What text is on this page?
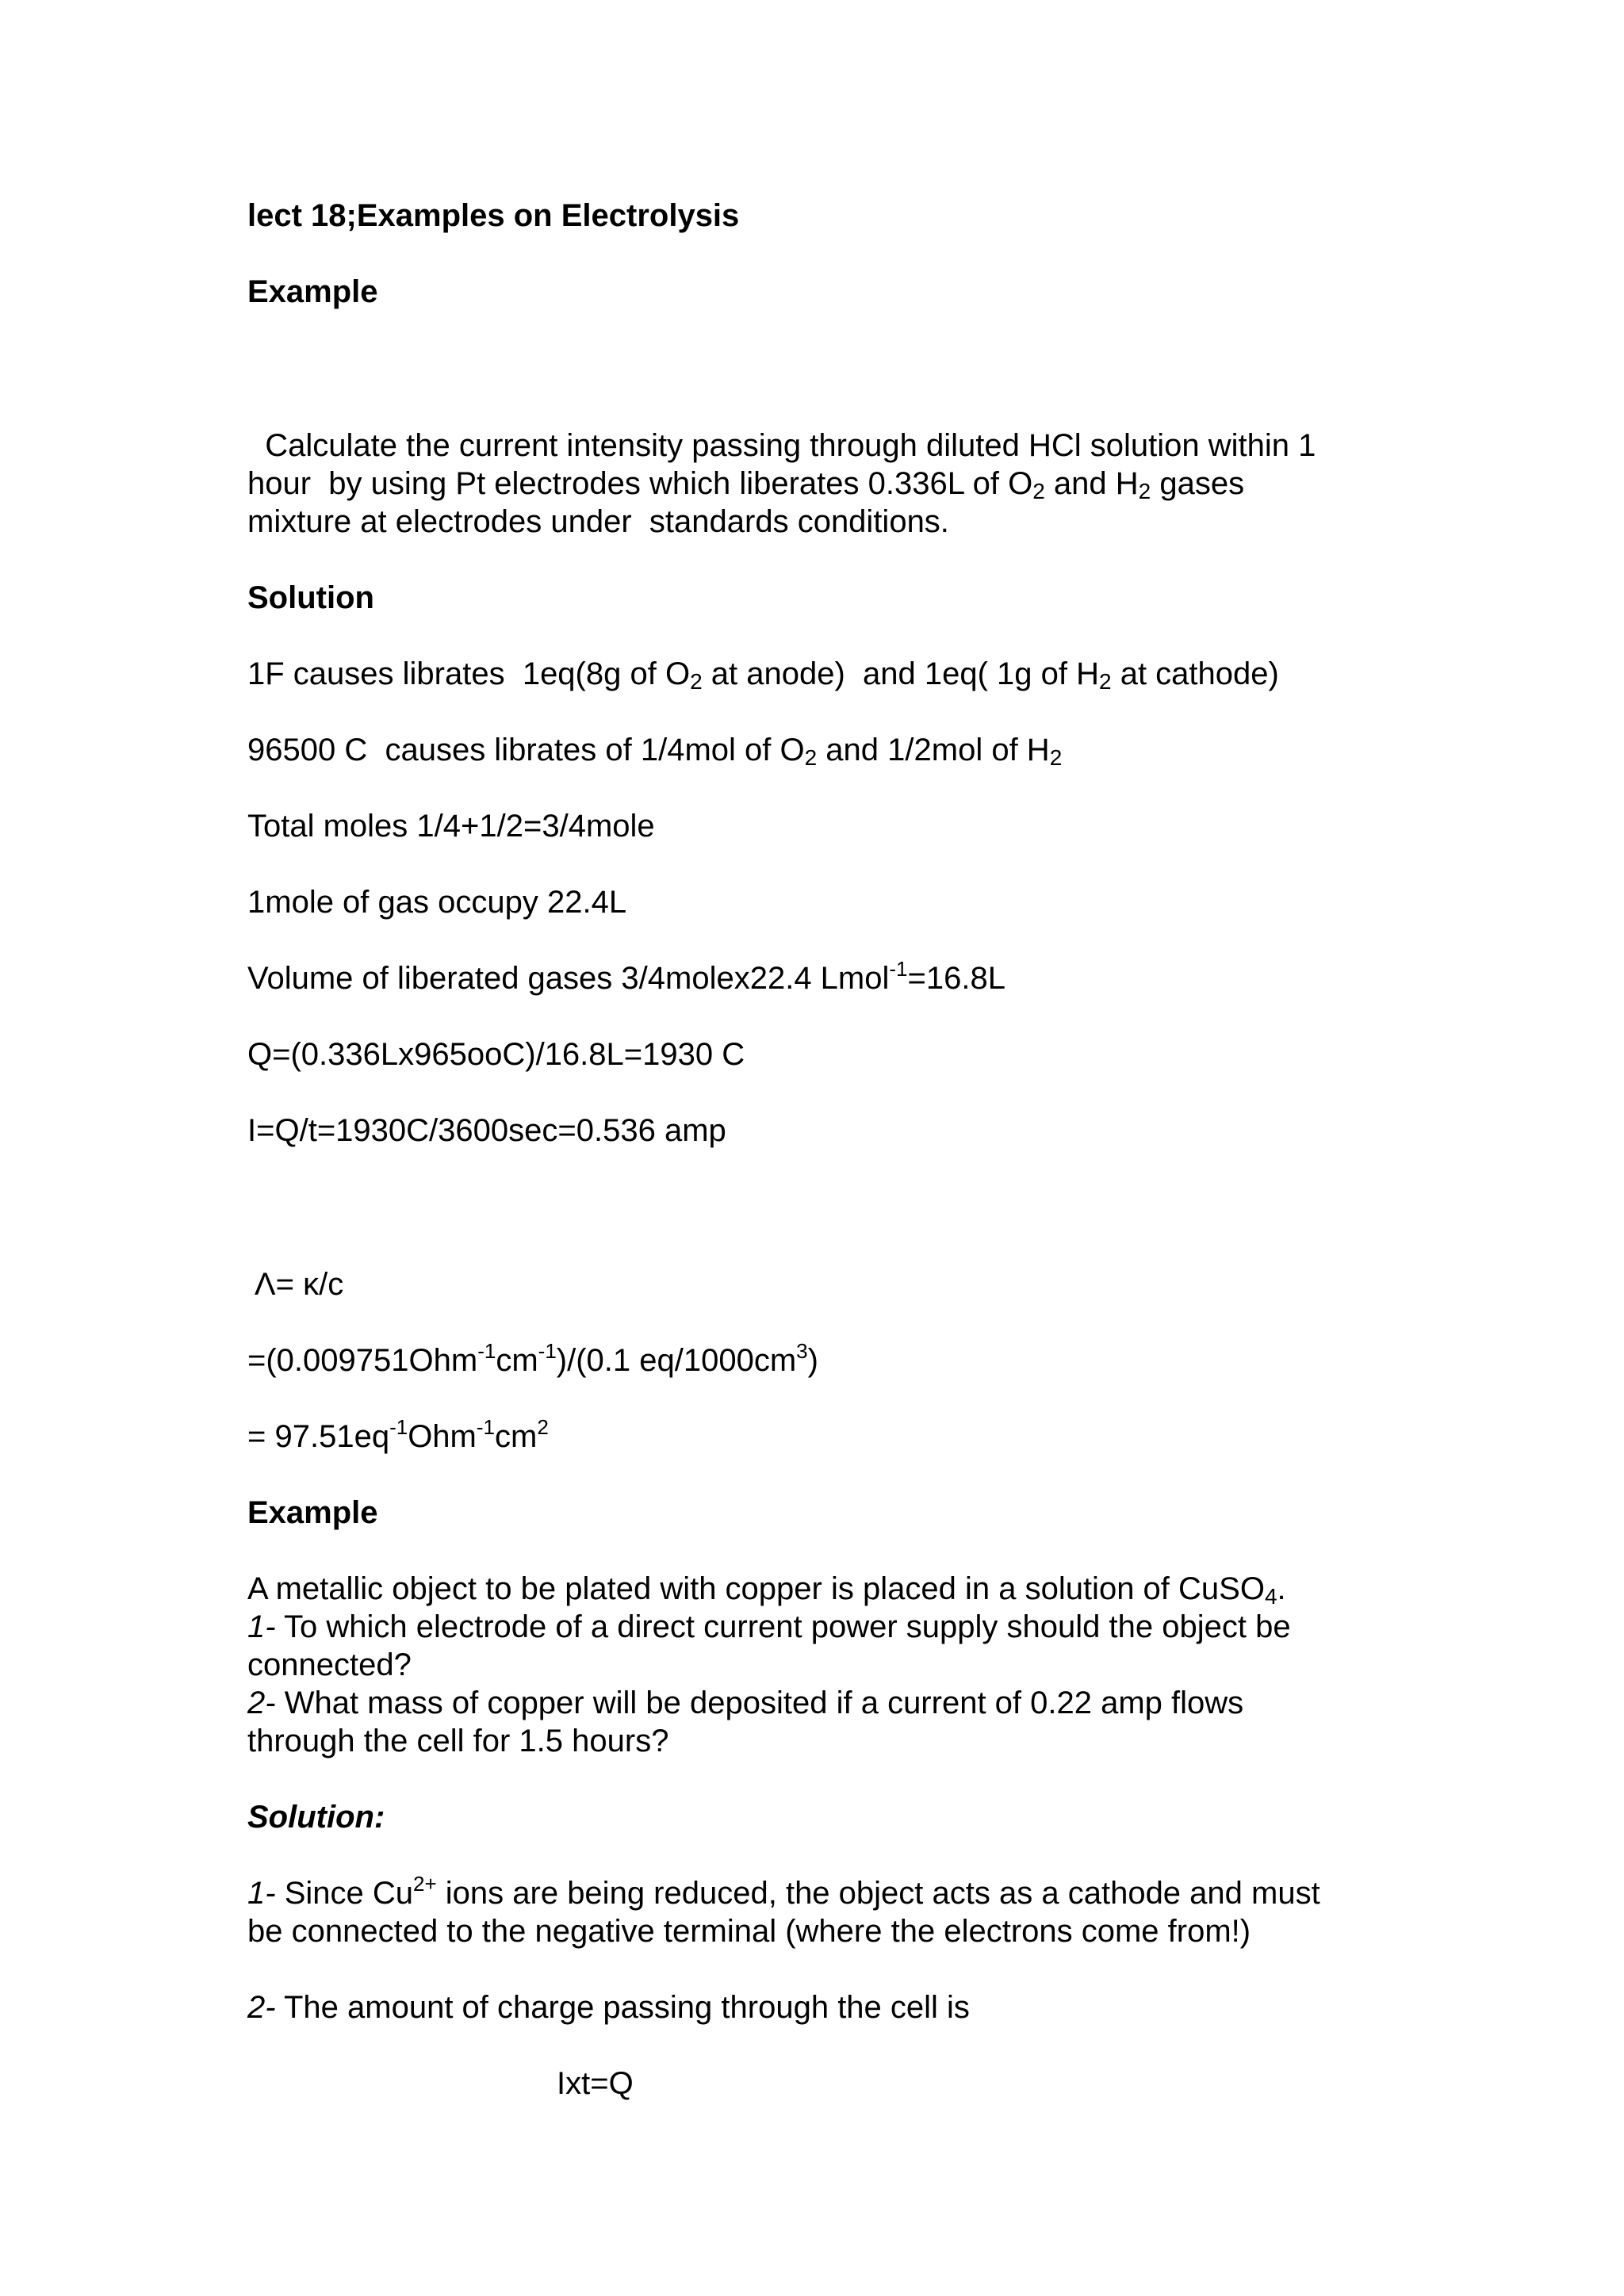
lect 18;Examples on Electrolysis
Example
Calculate the current intensity passing through diluted HCl solution within 1
hour  by using Pt electrodes which liberates 0.336L of $O_2$ and $H_2$ gases
mixture at electrodes under  standards conditions.
Solution
1F causes librates  1eq(8g of $O_2$ at anode)  and 1eq( 1g of $H_2$ at cathode)
96500 C  causes librates of 1/4mol of $O_2$ and 1/2mol of $H_2$
Total moles 1/4+1/2=3/4mole
1mole of gas occupy 22.4L
Volume of liberated gases 3/4molex22.4 Lmol$^{-1}$=16.8L
Q=(0.336Lx965ooC)/16.8L=1930 C
I=Q/t=1930C/3600sec=0.536 amp
Λ= κ/c
$=(0.009751Ohm^{-1}cm^{-1})/(0.1$ $eq/1000cm^3$)
= $97.51eq^{-1}Ohm^{-1}cm^2$
Example
A metallic object to be plated with copper is placed in a solution of CuSO$_4$.
1- To which electrode of a direct current power supply should the object be
connected?
2- What mass of copper will be deposited if a current of 0.22 amp flows
through the cell for 1.5 hours?
Solution:
1- Since $Cu^{2+}$ ions are being reduced, the object acts as a cathode and must
be connected to the negative terminal (where the electrons come from!)
2- The amount of charge passing through the cell is
Ixt=Q
